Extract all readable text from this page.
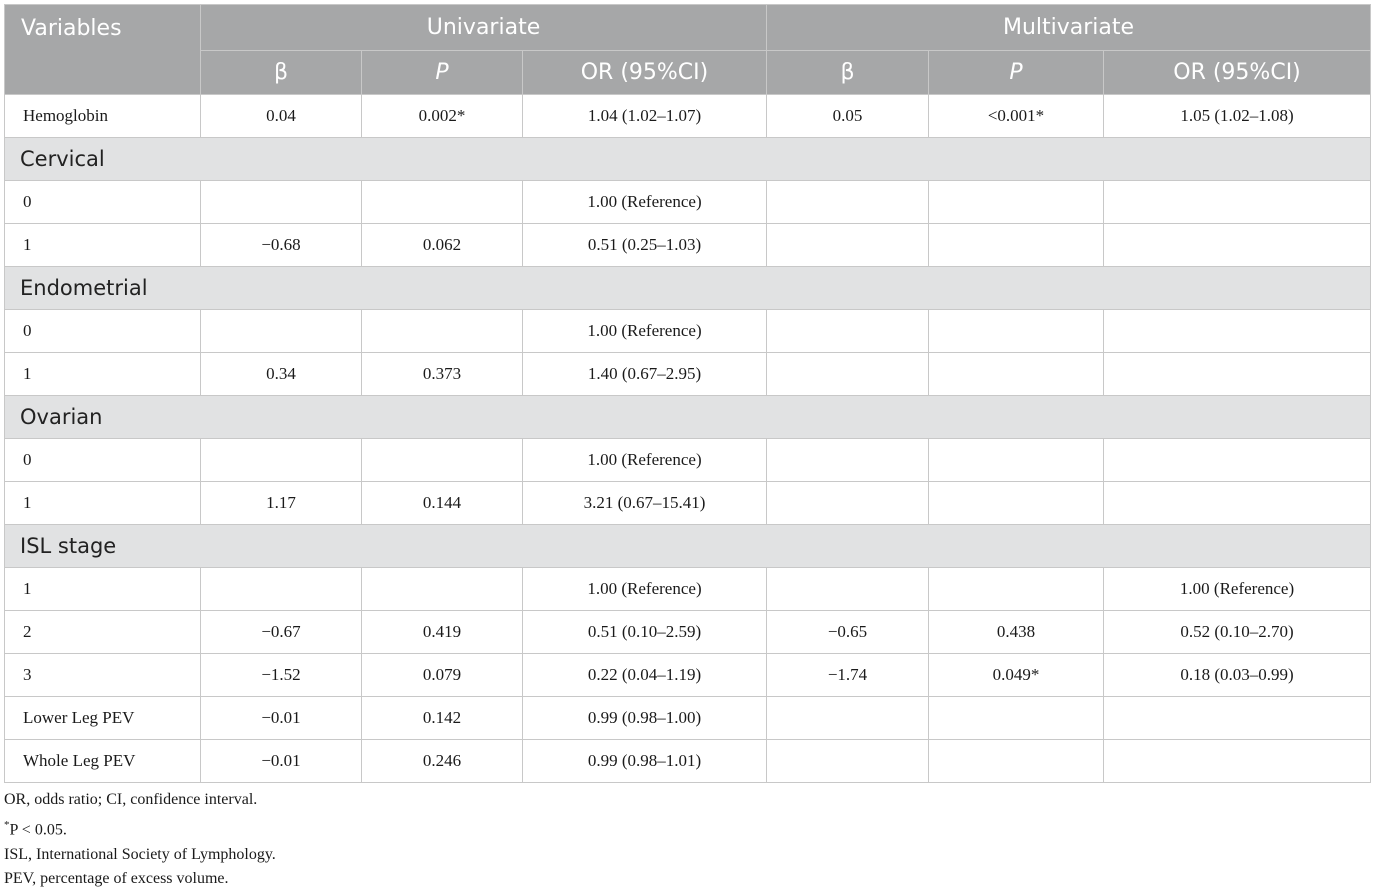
Variables	Univariate			Multivariate		
	β	P	OR (95%CI)	β	P	OR (95%CI)
Hemoglobin	0.04	0.002*	1.04 (1.02–1.07)	0.05	<0.001*	1.05 (1.02–1.08)
Cervical						
0			1.00 (Reference)			
1	−0.68	0.062	0.51 (0.25–1.03)			
Endometrial						
0			1.00 (Reference)			
1	0.34	0.373	1.40 (0.67–2.95)			
Ovarian						
0			1.00 (Reference)			
1	1.17	0.144	3.21 (0.67–15.41)			
ISL stage						
1			1.00 (Reference)			1.00 (Reference)
2	−0.67	0.419	0.51 (0.10–2.59)	−0.65	0.438	0.52 (0.10–2.70)
3	−1.52	0.079	0.22 (0.04–1.19)	−1.74	0.049*	0.18 (0.03–0.99)
Lower Leg PEV	−0.01	0.142	0.99 (0.98–1.00)			
Whole Leg PEV	−0.01	0.246	0.99 (0.98–1.01)			
OR, odds ratio; CI, confidence interval.
*P < 0.05.
ISL, International Society of Lymphology.
PEV, percentage of excess volume.
